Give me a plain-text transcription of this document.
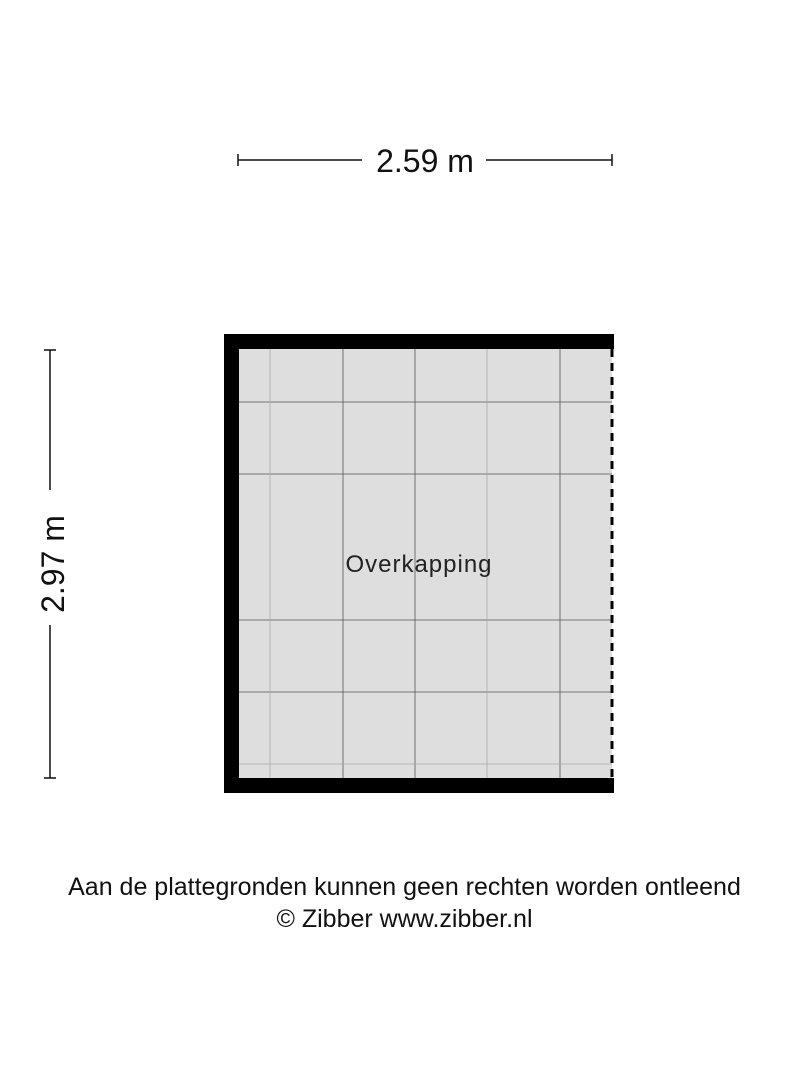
2.59 m
2.97 m	Overkapping
Aan de plattegronden kunnen geen rechten worden ontleend
© Zibber www.zibber.nl
